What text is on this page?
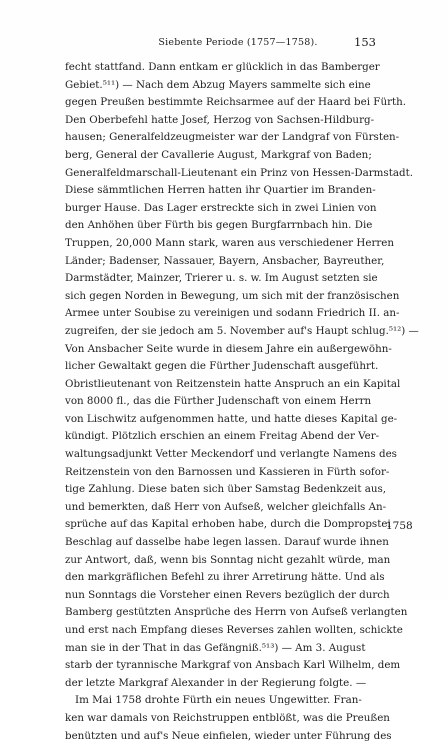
Siebente Periode (1757—1758).	153
fecht stattfand. Dann entkam er glücklich in das Bamberger
Gebiet.⁵¹¹) — Nach dem Abzug Mayers sammelte sich eine
gegen Preußen bestimmte Reichsarmee auf der Haard bei Fürth.
Den Oberbefehl hatte Josef, Herzog von Sachsen-Hildburg-
hausen; Generalfeldzeugmeister war der Landgraf von Fürsten-
berg, General der Cavallerie August, Markgraf von Baden;
Generalfeldmarschall-Lieutenant ein Prinz von Hessen-Darmstadt.
Diese sämmtlichen Herren hatten ihr Quartier im Branden-
burger Hause. Das Lager erstreckte sich in zwei Linien von
den Anhöhen über Fürth bis gegen Burgfarrnbach hin. Die
Truppen, 20,000 Mann stark, waren aus verschiedener Herren
Länder; Badenser, Nassauer, Bayern, Ansbacher, Bayreuther,
Darmstädter, Mainzer, Trierer u. s. w. Im August setzten sie
sich gegen Norden in Bewegung, um sich mit der französischen
Armee unter Soubise zu vereinigen und sodann Friedrich II. an-
zugreifen, der sie jedoch am 5. November auf's Haupt schlug.⁵¹²) —
Von Ansbacher Seite wurde in diesem Jahre ein außergewöhn-
licher Gewaltakt gegen die Fürther Judenschaft ausgeführt.
Obristlieutenant von Reitzenstein hatte Anspruch an ein Kapital
von 8000 fl., das die Fürther Judenschaft von einem Herrn
von Lischwitz aufgenommen hatte, und hatte dieses Kapital ge-
kündigt. Plötzlich erschien an einem Freitag Abend der Ver-
waltungsadjunkt Vetter Meckendorf und verlangte Namens des
Reitzenstein von den Barnossen und Kassieren in Fürth sofor-
tige Zahlung. Diese baten sich über Samstag Bedenkzeit aus,
und bemerkten, daß Herr von Aufseß, welcher gleichfalls An-
sprüche auf das Kapital erhoben habe, durch die Dompropstei
Beschlag auf dasselbe habe legen lassen. Darauf wurde ihnen
zur Antwort, daß, wenn bis Sonntag nicht gezahlt würde, man
den markgräflichen Befehl zu ihrer Arretirung hätte. Und als
nun Sonntags die Vorsteher einen Revers bezüglich der durch
Bamberg gestützten Ansprüche des Herrn von Aufseß verlangten
und erst nach Empfang dieses Reverses zahlen wollten, schickte
man sie in der That in das Gefängniß.⁵¹³) — Am 3. August
starb der tyrannische Markgraf von Ansbach Karl Wilhelm, dem
der letzte Markgraf Alexander in der Regierung folgte. —
Im Mai 1758 drohte Fürth ein neues Ungewitter. Fran-
ken war damals von Reichstruppen entblößt, was die Preußen
benützten und auf's Neue einfielen, wieder unter Führung des
1758
